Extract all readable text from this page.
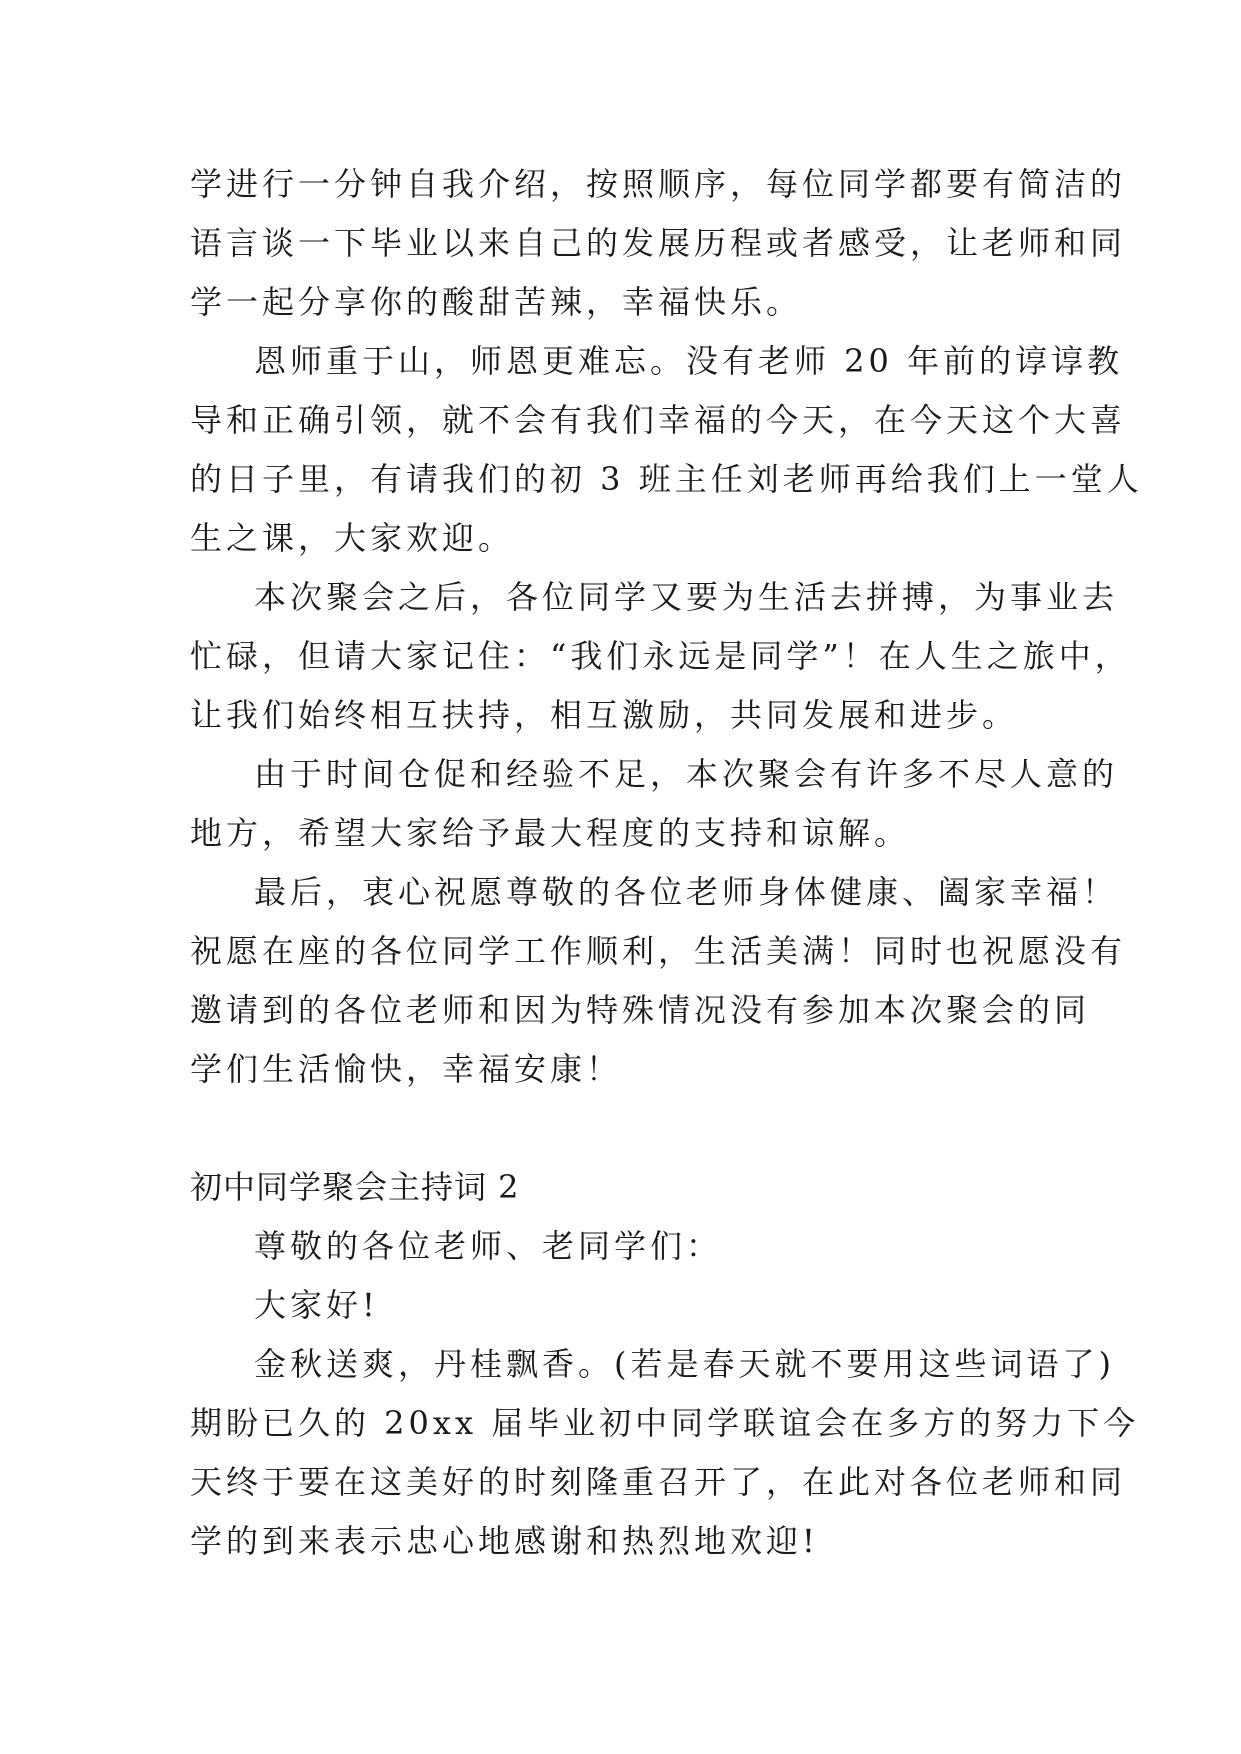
学进行一分钟自我介绍，按照顺序，每位同学都要有简洁的
语言谈一下毕业以来自己的发展历程或者感受，让老师和同
学一起分享你的酸甜苦辣，幸福快乐。
恩师重于山，师恩更难忘。没有老师 20 年前的谆谆教
导和正确引领，就不会有我们幸福的今天，在今天这个大喜
的日子里，有请我们的初 3 班主任刘老师再给我们上一堂人
生之课，大家欢迎。
本次聚会之后，各位同学又要为生活去拼搏，为事业去
忙碌，但请大家记住：“我们永远是同学”！在人生之旅中，
让我们始终相互扶持，相互激励，共同发展和进步。
由于时间仓促和经验不足，本次聚会有许多不尽人意的
地方，希望大家给予最大程度的支持和谅解。
最后，衷心祝愿尊敬的各位老师身体健康、阖家幸福！
祝愿在座的各位同学工作顺利，生活美满！同时也祝愿没有
邀请到的各位老师和因为特殊情况没有参加本次聚会的同
学们生活愉快，幸福安康！
初中同学聚会主持词 2
尊敬的各位老师、老同学们：
大家好!
金秋送爽，丹桂飘香。(若是春天就不要用这些词语了)
期盼已久的 20xx 届毕业初中同学联谊会在多方的努力下今
天终于要在这美好的时刻隆重召开了，在此对各位老师和同
学的到来表示忠心地感谢和热烈地欢迎!
